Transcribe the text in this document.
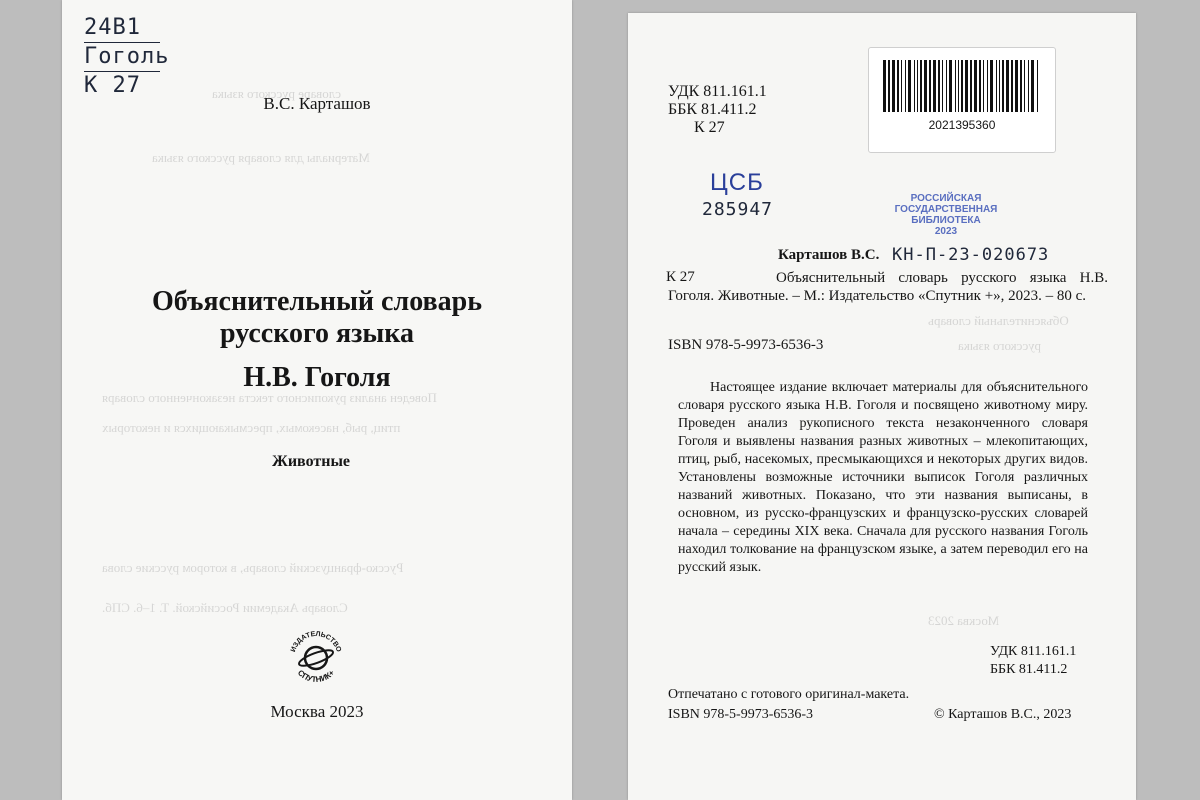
словаре русского языка
Материалы для словаря русского языка
Поведен анализ рукописного текста незаконченного словаря
птиц, рыб, насекомых, пресмыкающихся и некоторых
Русско-французский словарь, в котором русские слова
Словарь Академии Российской. Т. 1–6. СПб.
24В1
Гоголь
К 27
В.С. Карташов
Объяснительный словарь
русского языка
Н.В. Гоголя
Животные
ИЗДАТЕЛЬСТВО
СПУТНИК+
Москва 2023
Объяснительный словарь
русского языка
Москва 2023
УДК 811.161.1
ББК 81.411.2
К 27	2021395360
ЦСБ
285947
РОССИЙСКАЯ
ГОСУДАРСТВЕННАЯ
БИБЛИОТЕКА
2023
Карташов В.С. КН-П-23-020673
К 27	Объяснительный словарь русского языка Н.В. Гоголя. Животные. – М.: Издательство «Спутник +», 2023. – 80 с.
ISBN 978-5-9973-6536-3
Настоящее издание включает материалы для объяснительного словаря русского языка Н.В. Гоголя и посвящено животному миру. Проведен анализ рукописного текста незаконченного словаря Гоголя и выявлены названия разных животных – млекопитающих, птиц, рыб, насекомых, пресмыкающихся и некоторых других видов. Установлены возможные источники выписок Гоголя различных названий животных. Показано, что эти названия выписаны, в основном, из русско-французских и французско-русских словарей начала – середины XIX века. Сначала для русского названия Гоголь находил толкование на французском языке, а затем переводил его на русский язык.
УДК 811.161.1
ББК 81.411.2
Отпечатано с готового оригинал-макета.
ISBN 978-5-9973-6536-3	© Карташов В.С., 2023
